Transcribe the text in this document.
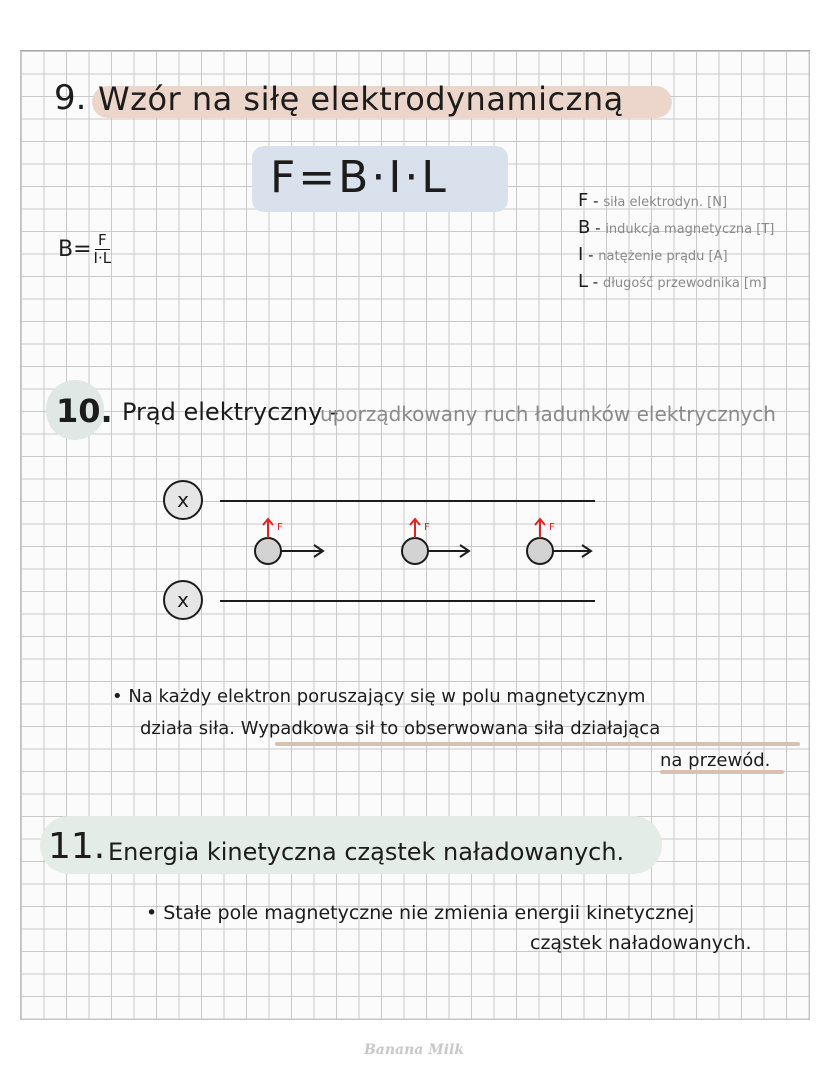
9. Wzór na siłę elektrodynamiczną
F=B·I·L
$B= \frac{F}{I\cdot L}$
F - siła elektrodyn. [N]
B - indukcja magnetyczna [T]
I - natężenie prądu [A]
L - długość przewodnika [m]
10. Prąd elektryczny -
uporządkowany ruch ładunków elektrycznych
x
x
F	F	F
• Na każdy elektron poruszający się w polu magnetycznym
działa siła. Wypadkowa sił to obserwowana siła działająca
na przewód.
11. Energia kinetyczna cząstek naładowanych.
• Stałe pole magnetyczne nie zmienia energii kinetycznej
cząstek naładowanych.
Banana Milk
